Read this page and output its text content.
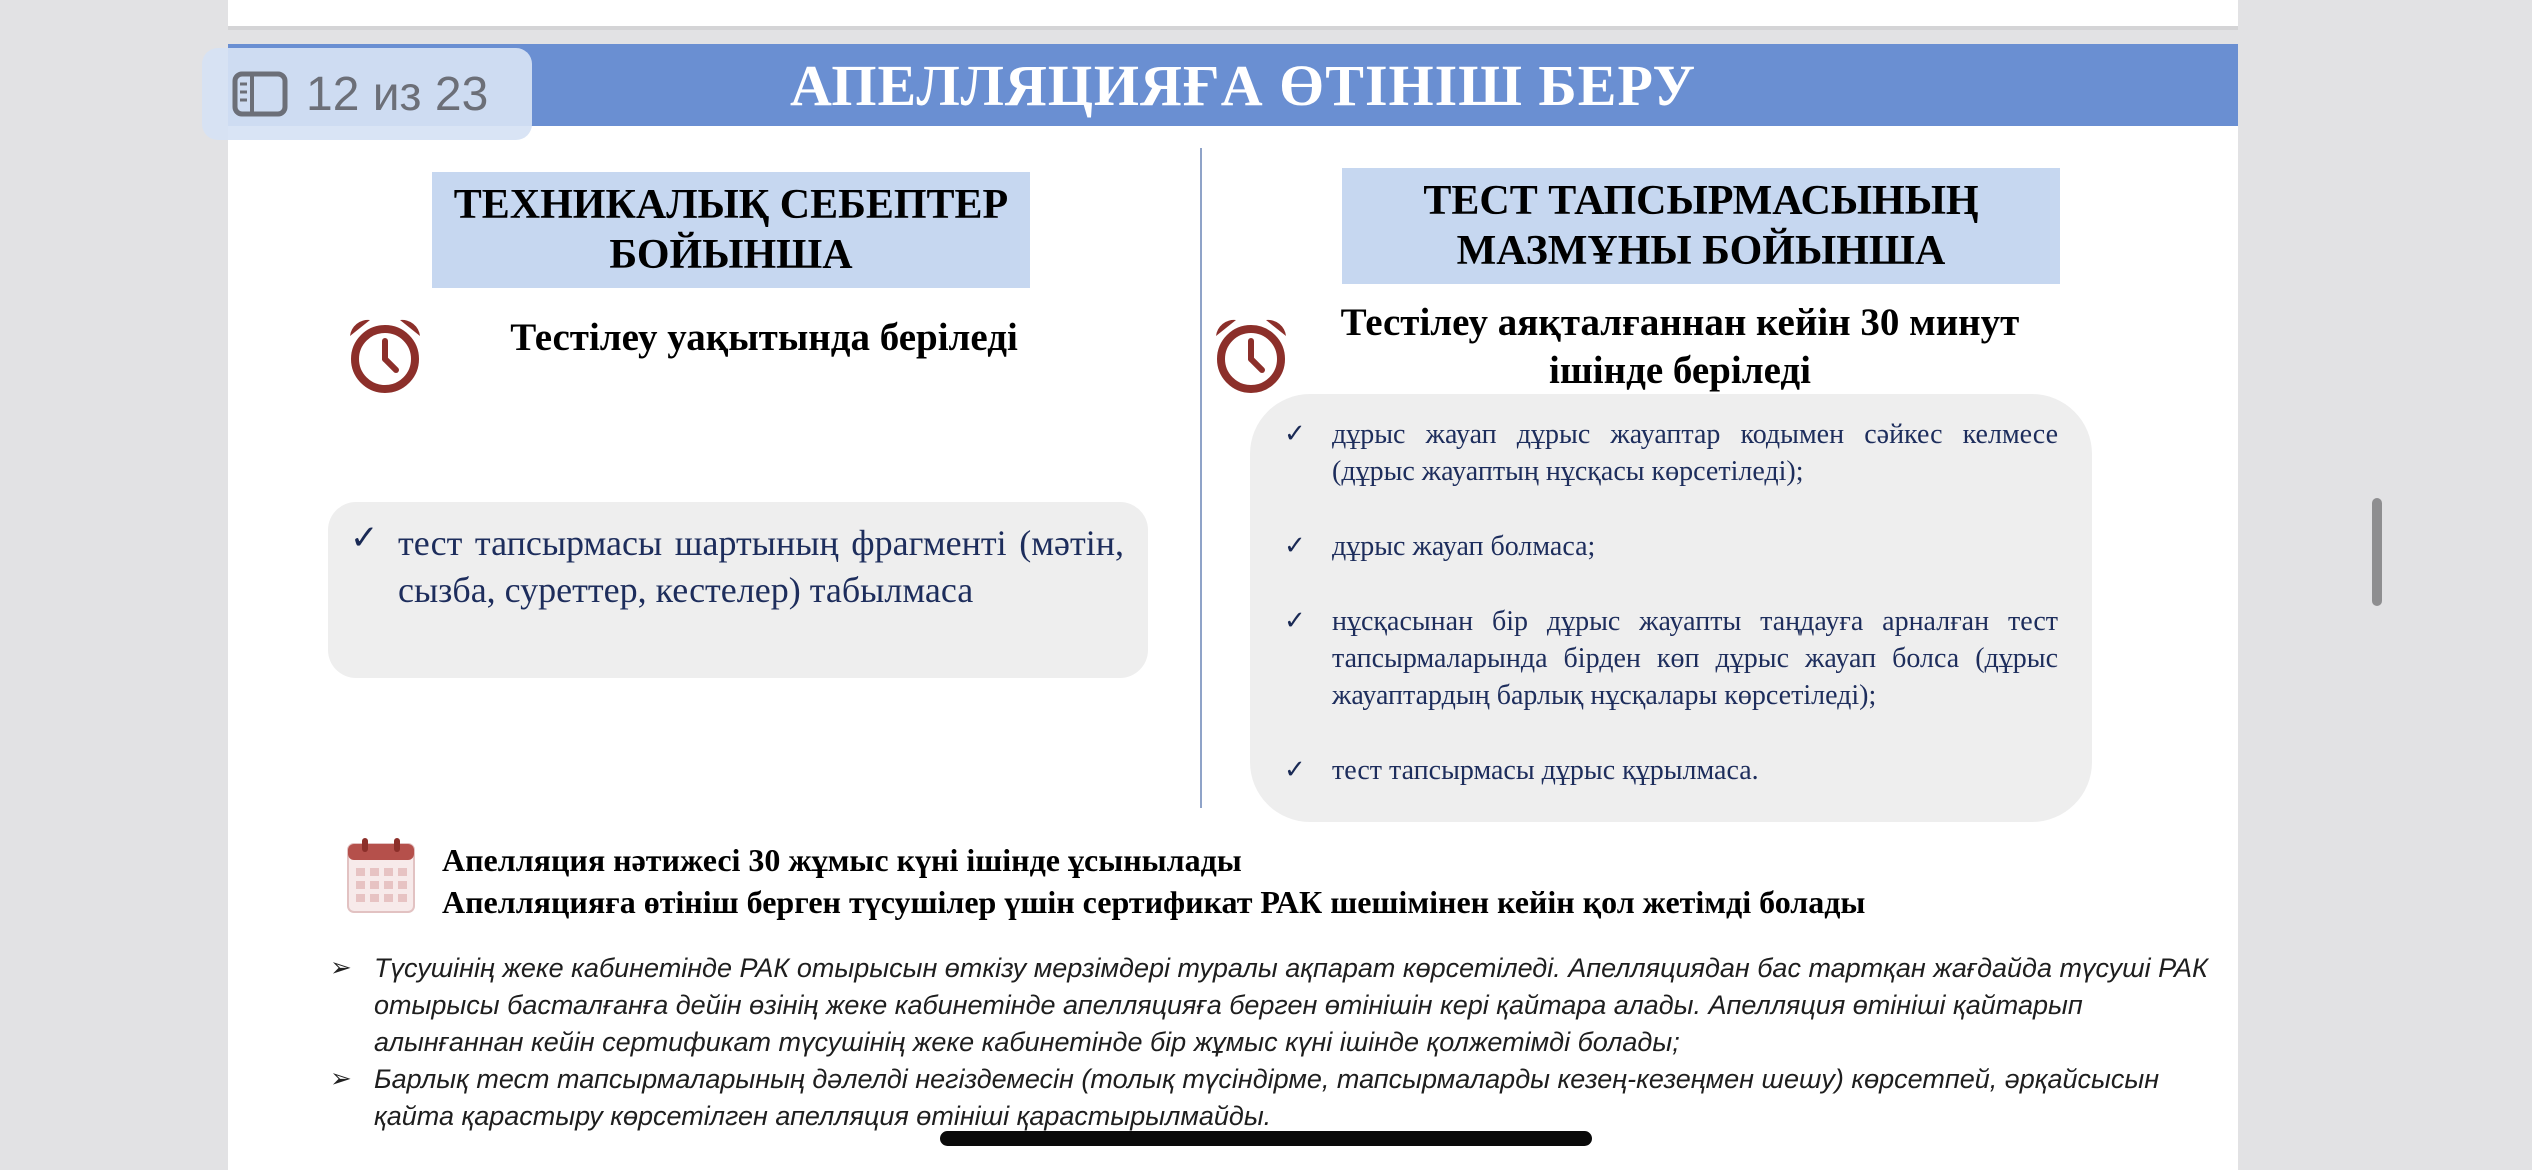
12 из 23	АПЕЛЛЯЦИЯҒА ӨТІНІШ БЕРУ
ТЕХНИКАЛЫҚ СЕБЕПТЕР
БОЙЫНША
ТЕСТ ТАПСЫРМАСЫНЫҢ
МАЗМҰНЫ БОЙЫНША
Тестілеу уақытында беріледі	Тестілеу аяқталғаннан кейін 30 минут
ішінде беріледі
✓ тест тапсырмасы шартының фрагменті (мәтін, сызба, суреттер, кестелер) табылмаса
✓ дұрыс жауап дұрыс жауаптар кодымен сәйкес келмесе (дұрыс жауаптың нұсқасы көрсетіледі);
✓ дұрыс жауап болмаса;
✓ нұсқасынан бір дұрыс жауапты таңдауға арналған тест тапсырмаларында бірден көп дұрыс жауап болса (дұрыс жауаптардың барлық нұсқалары көрсетіледі);
✓ тест тапсырмасы дұрыс құрылмаса.
Апелляция нәтижесі 30 жұмыс күні ішінде ұсынылады
Апелляцияға өтініш берген түсушілер үшін сертификат РАК шешімінен кейін қол жетімді болады
➢ Түсушінің жеке кабинетінде РАК отырысын өткізу мерзімдері туралы ақпарат көрсетіледі. Апелляциядан бас тартқан жағдайда түсуші РАК отырысы басталғанға дейін өзінің жеке кабинетінде апелляцияға берген өтінішін кері қайтара алады. Апелляция өтініші қайтарып алынғаннан кейін сертификат түсушінің жеке кабинетінде бір жұмыс күні ішінде қолжетімді болады;
➢ Барлық тест тапсырмаларының дәлелді негіздемесін (толық түсіндірме, тапсырмаларды кезең-кезеңмен шешу) көрсетпей, әрқайсысын қайта қарастыру көрсетілген апелляция өтініші қарастырылмайды.
